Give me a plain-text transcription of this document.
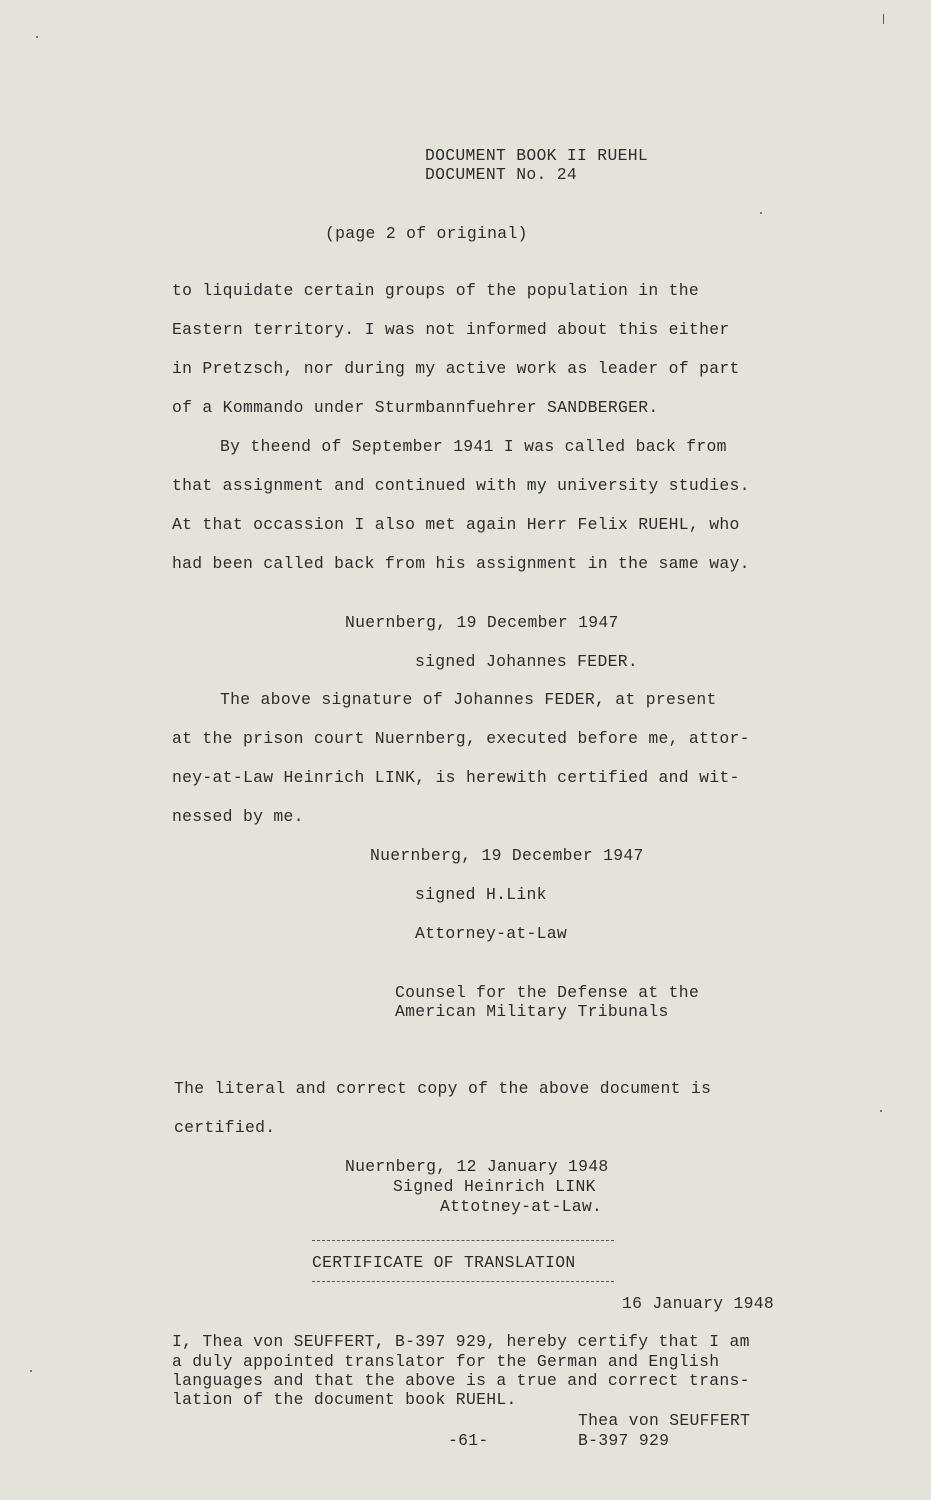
DOCUMENT BOOK II RUEHL
DOCUMENT No. 24
(page 2 of original)
to liquidate certain groups of the population in the
Eastern territory. I was not informed about this either
in Pretzsch, nor during my active work as leader of part
of a Kommando under Sturmbannfuehrer SANDBERGER.
By theend of September 1941 I was called back from
that assignment and continued with my university studies.
At that occassion I also met again Herr Felix RUEHL, who
had been called back from his assignment in the same way.
Nuernberg, 19 December 1947
signed Johannes FEDER.
The above signature of Johannes FEDER, at present
at the prison court Nuernberg, executed before me, attor-
ney-at-Law Heinrich LINK, is herewith certified and wit-
nessed by me.
Nuernberg, 19 December 1947
signed H.Link
Attorney-at-Law
Counsel for the Defense at the
American Military Tribunals
The literal and correct copy of the above document is
certified.
Nuernberg, 12 January 1948
Signed Heinrich LINK
Attotney-at-Law.
CERTIFICATE OF TRANSLATION
16 January 1948
I, Thea von SEUFFERT, B-397 929, hereby certify that I am
a duly appointed translator for the German and English
languages and that the above is a true and correct trans-
lation of the document book RUEHL.
Thea von SEUFFERT
-61-	B-397 929
